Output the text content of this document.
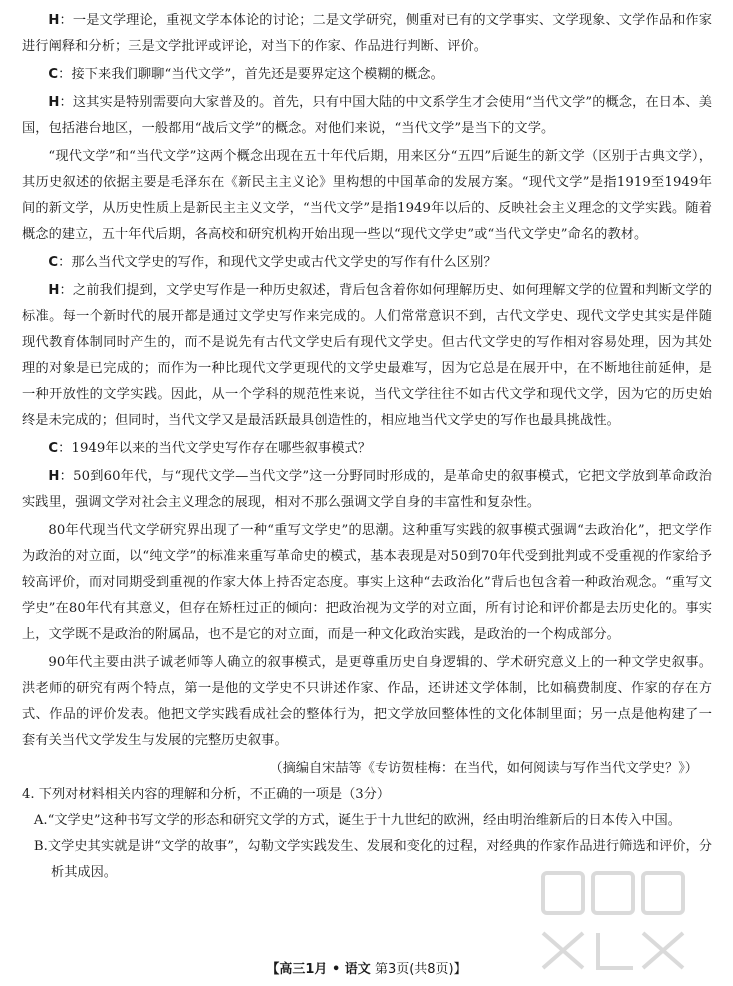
H：一是文学理论，重视文学本体论的讨论；二是文学研究，侧重对已有的文学事实、文学现象、文学作品和作家进行阐释和分析；三是文学批评或评论，对当下的作家、作品进行判断、评价。

C：接下来我们聊聊“当代文学”，首先还是要界定这个模糊的概念。

H：这其实是特别需要向大家普及的。首先，只有中国大陆的中文系学生才会使用“当代文学”的概念，在日本、美国，包括港台地区，一般都用“战后文学”的概念。对他们来说，“当代文学”是当下的文学。

“现代文学”和“当代文学”这两个概念出现在五十年代后期，用来区分“五四”后诞生的新文学（区别于古典文学），其历史叙述的依据主要是毛泽东在《新民主主义论》里构想的中国革命的发展方案。“现代文学”是指1919至1949年间的新文学，从历史性质上是新民主主义文学，“当代文学”是指1949年以后的、反映社会主义理念的文学实践。随着概念的建立，五十年代后期，各高校和研究机构开始出现一些以“现代文学史”或“当代文学史”命名的教材。

C：那么当代文学史的写作，和现代文学史或古代文学史的写作有什么区别？

H：之前我们提到，文学史写作是一种历史叙述，背后包含着你如何理解历史、如何理解文学的位置和判断文学的标准。每一个新时代的展开都是通过文学史写作来完成的。人们常常意识不到，古代文学史、现代文学史其实是伴随现代教育体制同时产生的，而不是说先有古代文学史后有现代文学史。但古代文学史的写作相对容易处理，因为其处理的对象是已完成的；而作为一种比现代文学更现代的文学史最难写，因为它总是在展开中，在不断地往前延伸，是一种开放性的文学实践。因此，从一个学科的规范性来说，当代文学往往不如古代文学和现代文学，因为它的历史始终是未完成的；但同时，当代文学又是最活跃最具创造性的，相应地当代文学史的写作也最具挑战性。

C：1949年以来的当代文学史写作存在哪些叙事模式？

H：50到60年代，与“现代文学—当代文学”这一分野同时形成的，是革命史的叙事模式，它把文学放到革命政治实践里，强调文学对社会主义理念的展现，相对不那么强调文学自身的丰富性和复杂性。

80年代现当代文学研究界出现了一种“重写文学史”的思潮。这种重写实践的叙事模式强调“去政治化”，把文学作为政治的对立面，以“纯文学”的标准来重写革命史的模式，基本表现是对50到70年代受到批判或不受重视的作家给予较高评价，而对同期受到重视的作家大体上持否定态度。事实上这种“去政治化”背后也包含着一种政治观念。“重写文学史”在80年代有其意义，但存在矫枉过正的倾向：把政治视为文学的对立面，所有讨论和评价都是去历史化的。事实上，文学既不是政治的附属品，也不是它的对立面，而是一种文化政治实践，是政治的一个构成部分。

90年代主要由洪子诚老师等人确立的叙事模式，是更尊重历史自身逻辑的、学术研究意义上的一种文学史叙事。洪老师的研究有两个特点，第一是他的文学史不只讲述作家、作品，还讲述文学体制，比如稿费制度、作家的存在方式、作品的评价发表。他把文学实践看成社会的整体行为，把文学放回整体性的文化体制里面；另一点是他构建了一套有关当代文学发生与发展的完整历史叙事。

（摘编自宋喆等《专访贺桂梅：在当代，如何阅读与写作当代文学史？》）

4. 下列对材料相关内容的理解和分析，不正确的一项是（3分）

A.“文学史”这种书写文学的形态和研究文学的方式，诞生于十九世纪的欧洲，经由明治维新后的日本传入中国。

B.文学史其实就是讲“文学的故事”，勾勒文学实践发生、发展和变化的过程，对经典的作家作品进行筛选和评价，分析其成因。

【高三1月 • 语文 第3页(共8页)】
